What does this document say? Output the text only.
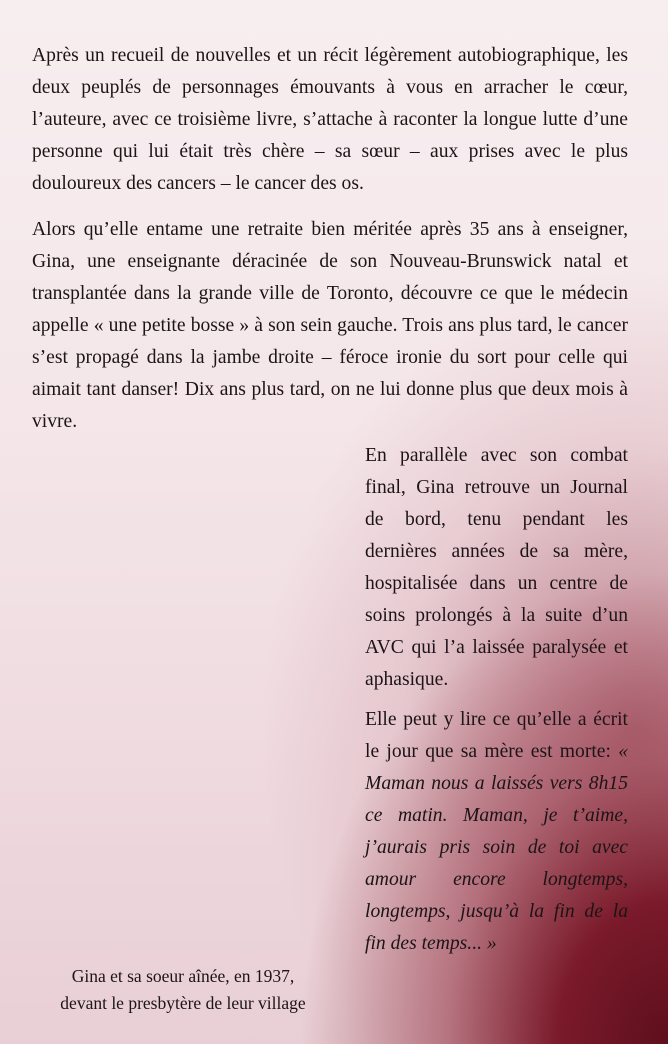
Après un recueil de nouvelles et un récit légèrement autobiographique, les deux peuplés de personnages émouvants à vous en arracher le cœur, l’auteure, avec ce troisième livre, s’attache à raconter la longue lutte d’une personne qui lui était très chère – sa sœur – aux prises avec le plus douloureux des cancers – le cancer des os.

Alors qu’elle entame une retraite bien méritée après 35 ans à enseigner, Gina, une enseignante déracinée de son Nouveau-Brunswick natal et transplantée dans la grande ville de Toronto, découvre ce que le médecin appelle « une petite bosse » à son sein gauche. Trois ans plus tard, le cancer s’est propagé dans la jambe droite – féroce ironie du sort pour celle qui aimait tant danser! Dix ans plus tard, on ne lui donne plus que deux mois à vivre.

Gina et sa soeur aînée, en 1937,
devant le presbytère de leur village

En parallèle avec son combat final, Gina retrouve un Journal de bord, tenu pendant les dernières années de sa mère, hospitalisée dans un centre de soins prolongés à la suite d’un AVC qui l’a laissée paralysée et aphasique.

Elle peut y lire ce qu’elle a écrit le jour que sa mère est morte: « Maman nous a laissés vers 8h15 ce matin. Maman, je t’aime, j’aurais pris soin de toi avec amour encore longtemps, longtemps, jusqu’à la fin de la fin des temps... »
